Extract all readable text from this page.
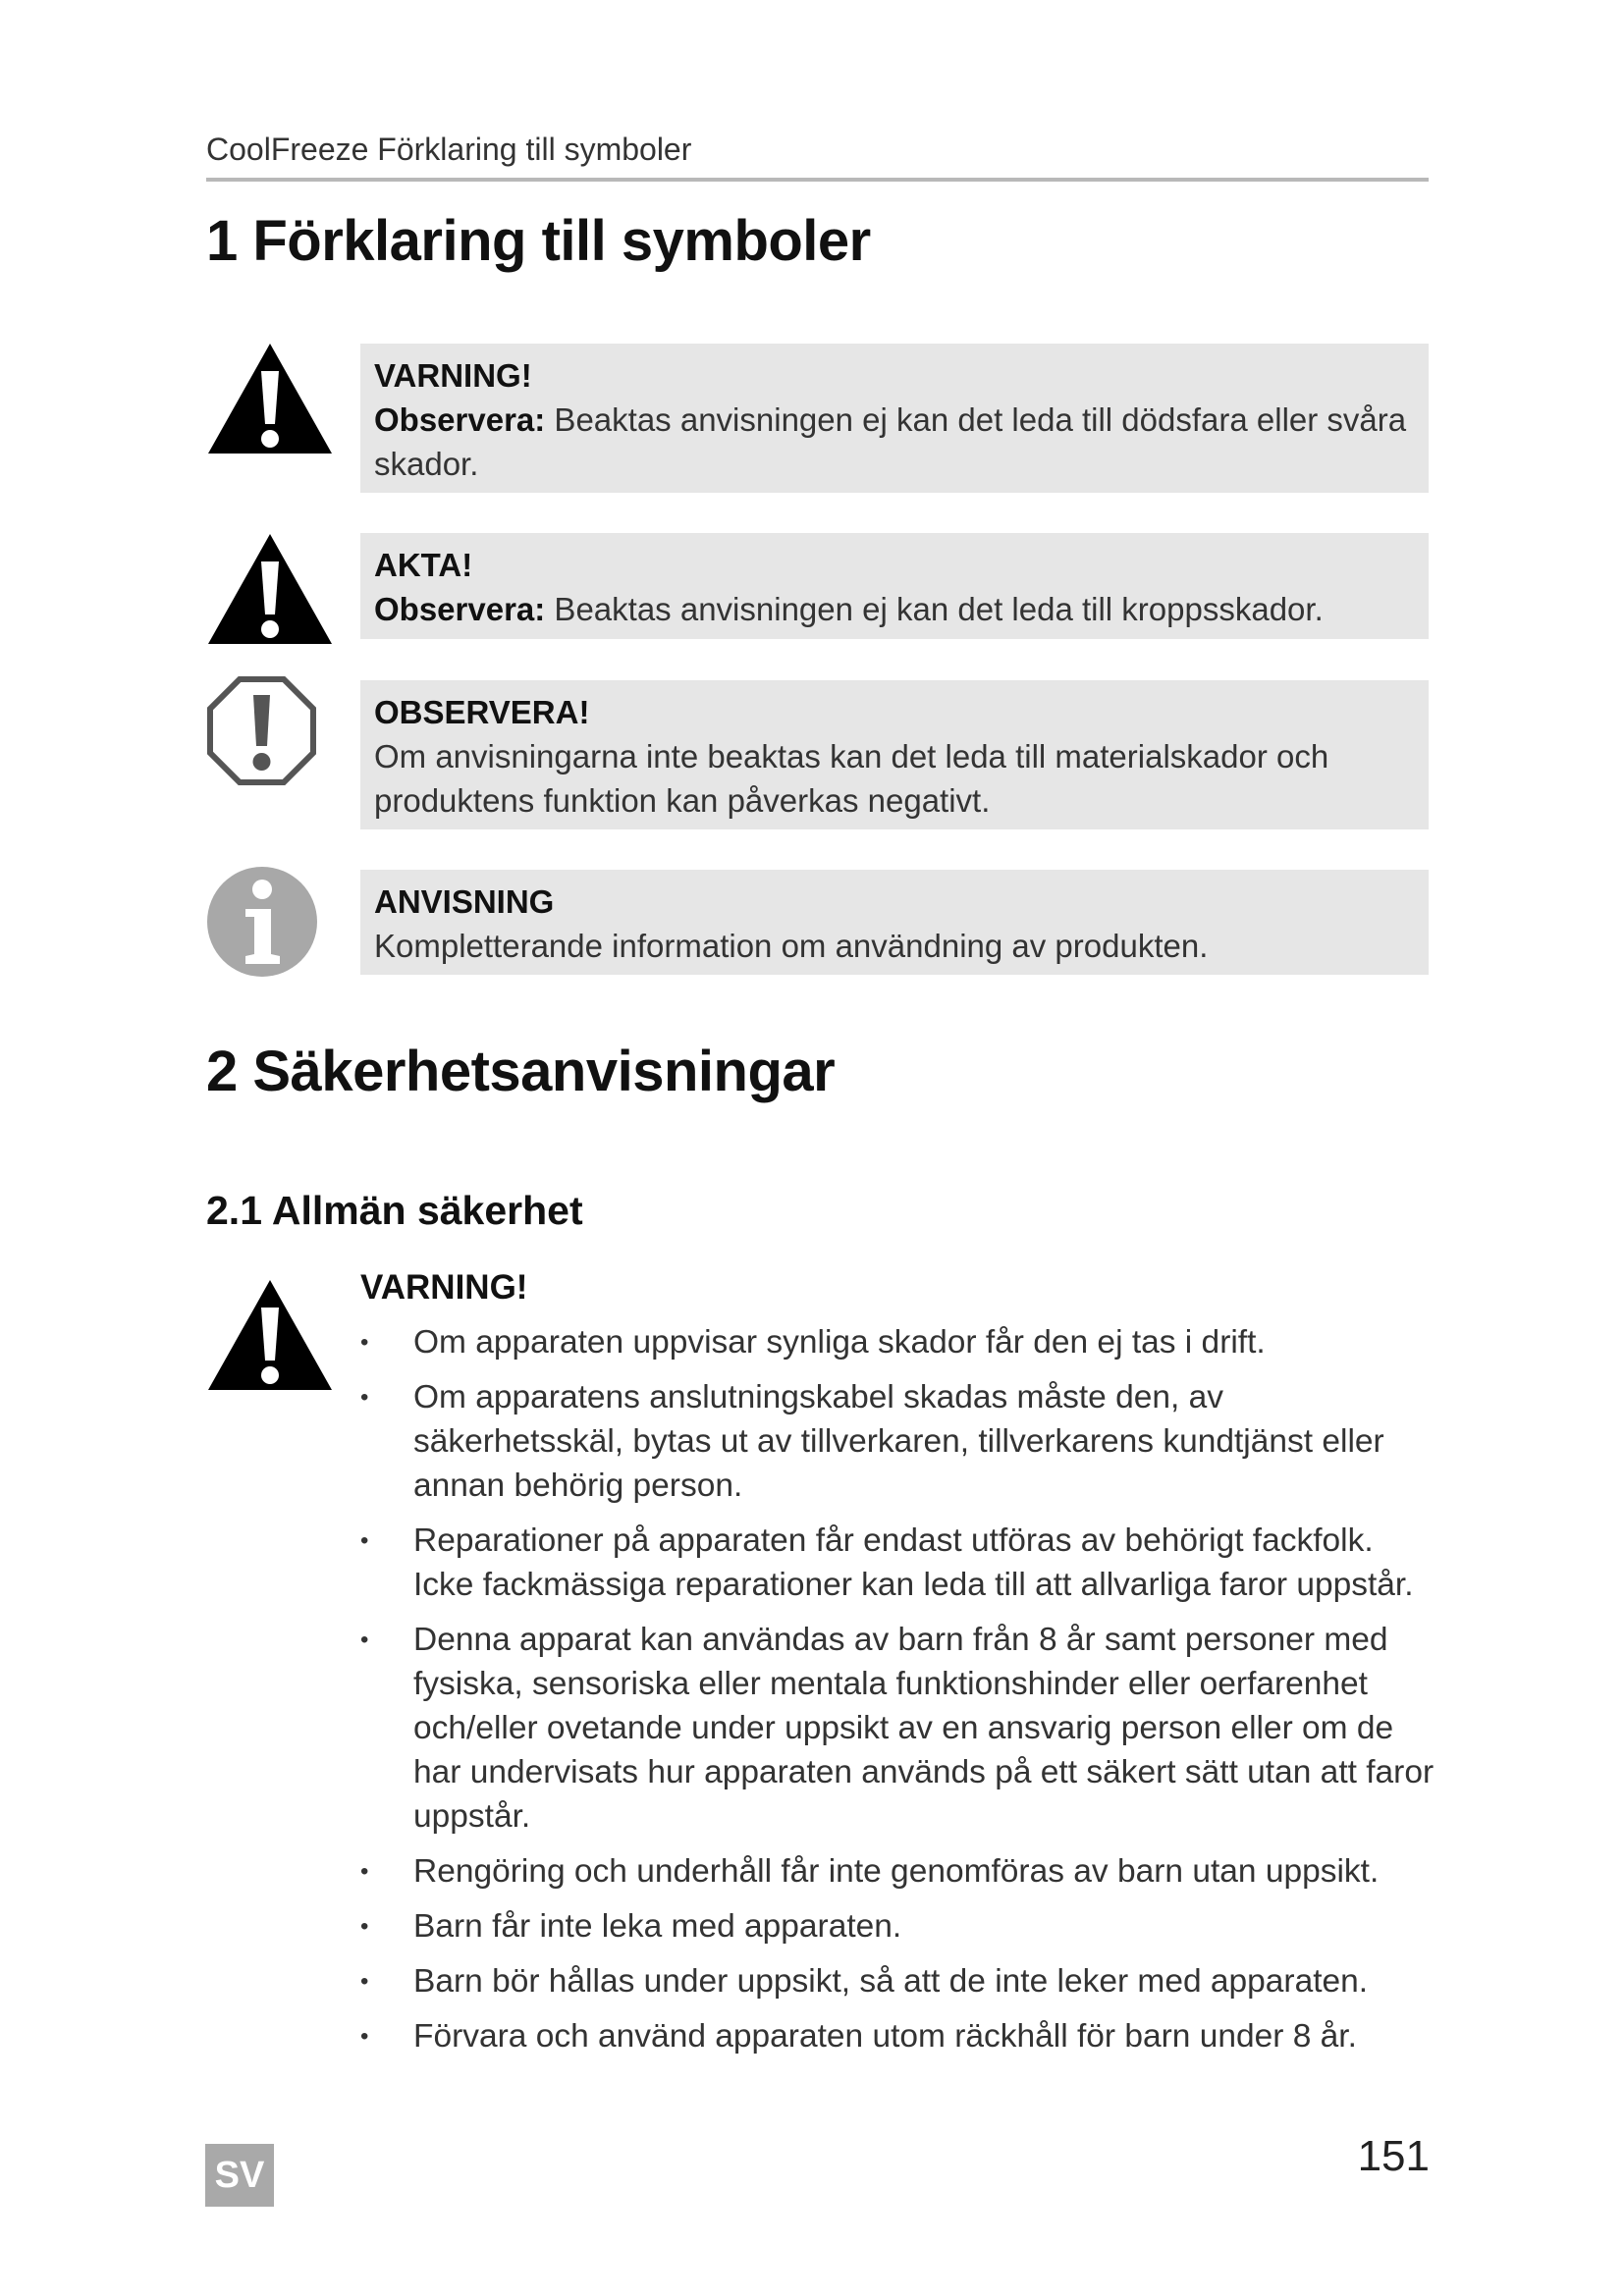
CoolFreeze Förklaring till symboler
1 Förklaring till symboler
VARNING!
Observera: Beaktas anvisningen ej kan det leda till dödsfara eller svåra skador.
AKTA!
Observera: Beaktas anvisningen ej kan det leda till kroppsskador.
OBSERVERA!
Om anvisningarna inte beaktas kan det leda till materialskador och produktens funktion kan påverkas negativt.
ANVISNING
Kompletterande information om användning av produkten.
2 Säkerhetsanvisningar
2.1 Allmän säkerhet
VARNING!
• Om apparaten uppvisar synliga skador får den ej tas i drift.
• Om apparatens anslutningskabel skadas måste den, av säkerhetsskäl, bytas ut av tillverkaren, tillverkarens kundtjänst eller annan behörig person.
• Reparationer på apparaten får endast utföras av behörigt fackfolk. Icke fackmässiga reparationer kan leda till att allvarliga faror uppstår.
• Denna apparat kan användas av barn från 8 år samt personer med fysiska, sensoriska eller mentala funktionshinder eller oerfarenhet och/eller ovetande under uppsikt av en ansvarig person eller om de har undervisats hur apparaten används på ett säkert sätt utan att faror uppstår.
• Rengöring och underhåll får inte genomföras av barn utan uppsikt.
• Barn får inte leka med apparaten.
• Barn bör hållas under uppsikt, så att de inte leker med apparaten.
• Förvara och använd apparaten utom räckhåll för barn under 8 år.
SV	151
